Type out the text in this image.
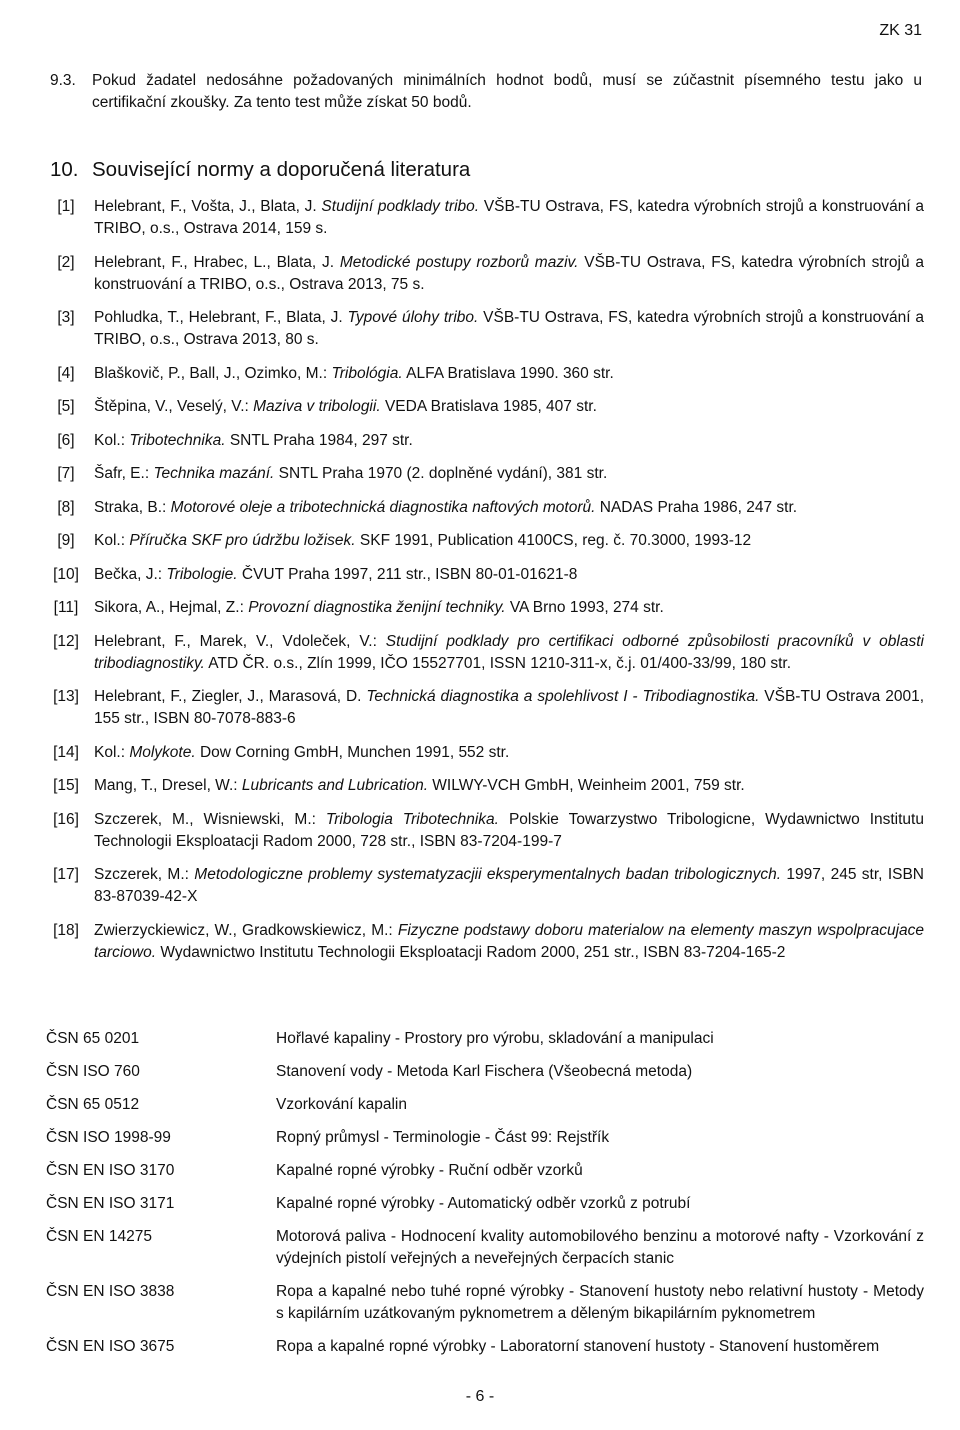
ZK 31
9.3.	Pokud žadatel nedosáhne požadovaných minimálních hodnot bodů, musí se zúčastnit písemného testu jako u certifikační zkoušky. Za tento test může získat 50 bodů.
10. Související normy a doporučená literatura
[1]	Helebrant, F., Vošta, J., Blata, J. Studijní podklady tribo. VŠB-TU Ostrava, FS, katedra výrobních strojů a konstruování a TRIBO, o.s., Ostrava 2014, 159 s.
[2]	Helebrant, F., Hrabec, L., Blata, J. Metodické postupy rozborů maziv. VŠB-TU Ostrava, FS, katedra výrobních strojů a konstruování a TRIBO, o.s., Ostrava 2013, 75 s.
[3]	Pohludka, T., Helebrant, F., Blata, J. Typové úlohy tribo. VŠB-TU Ostrava, FS, katedra výrobních strojů a konstruování a TRIBO, o.s., Ostrava 2013, 80 s.
[4]	Blaškovič, P., Ball, J., Ozimko, M.: Tribológia. ALFA Bratislava 1990. 360 str.
[5]	Štěpina, V., Veselý, V.: Maziva v tribologii. VEDA Bratislava 1985, 407 str.
[6]	Kol.: Tribotechnika. SNTL Praha 1984, 297 str.
[7]	Šafr, E.: Technika mazání. SNTL Praha 1970 (2. doplněné vydání), 381 str.
[8]	Straka, B.: Motorové oleje a tribotechnická diagnostika naftových motorů. NADAS Praha 1986, 247 str.
[9]	Kol.: Příručka SKF pro údržbu ložisek. SKF 1991, Publication 4100CS, reg. č. 70.3000, 1993-12
[10] Bečka, J.: Tribologie. ČVUT Praha 1997, 211 str., ISBN 80-01-01621-8
[11]	Sikora, A., Hejmal, Z.: Provozní diagnostika ženijní techniky. VA Brno 1993, 274 str.
[12] Helebrant, F., Marek, V., Vdoleček, V.: Studijní podklady pro certifikaci odborné způsobilosti pracovníků v oblasti tribodiagnostiky. ATD ČR. o.s., Zlín 1999, IČO 15527701, ISSN 1210-311-x, č.j. 01/400-33/99, 180 str.
[13] Helebrant, F., Ziegler, J., Marasová, D. Technická diagnostika a spolehlivost I - Tribodiagnostika. VŠB-TU Ostrava 2001, 155 str., ISBN 80-7078-883-6
[14] Kol.: Molykote. Dow Corning GmbH, Munchen 1991, 552 str.
[15] Mang, T., Dresel, W.: Lubricants and Lubrication. WILWY-VCH GmbH, Weinheim 2001, 759 str.
[16] Szczerek, M., Wisniewski, M.: Tribologia Tribotechnika. Polskie Towarzystwo Tribologicne, Wydawnictwo Institutu Technologii Eksploatacji Radom 2000, 728 str., ISBN 83-7204-199-7
[17] Szczerek, M.: Metodologiczne problemy systematyzacjii eksperymentalnych badan tribologicznych. 1997, 245 str, ISBN 83-87039-42-X
[18] Zwierzyckiewicz, W., Gradkowskiewicz, M.: Fizyczne podstawy doboru materialow na elementy maszyn wspolpracujace tarciowo. Wydawnictwo Institutu Technologii Eksploatacji Radom 2000, 251 str., ISBN 83-7204-165-2
ČSN 65 0201	Hořlavé kapaliny - Prostory pro výrobu, skladování a manipulaci
ČSN ISO 760	Stanovení vody - Metoda Karl Fischera (Všeobecná metoda)
ČSN 65 0512	Vzorkování kapalin
ČSN ISO 1998-99	Ropný průmysl - Terminologie - Část 99: Rejstřík
ČSN EN ISO 3170	Kapalné ropné výrobky - Ruční odběr vzorků
ČSN EN ISO 3171	Kapalné ropné výrobky - Automatický odběr vzorků z potrubí
ČSN EN 14275	Motorová paliva - Hodnocení kvality automobilového benzinu a motorové nafty - Vzorkování z výdejních pistolí veřejných a neveřejných čerpacích stanic
ČSN EN ISO 3838	Ropa a kapalné nebo tuhé ropné výrobky - Stanovení hustoty nebo relativní hustoty - Metody s kapilárním uzátkovaným pyknometrem a děleným bikapilárním pyknometrem
ČSN EN ISO 3675	Ropa a kapalné ropné výrobky - Laboratorní stanovení hustoty - Stanovení hustoměrem
- 6 -
